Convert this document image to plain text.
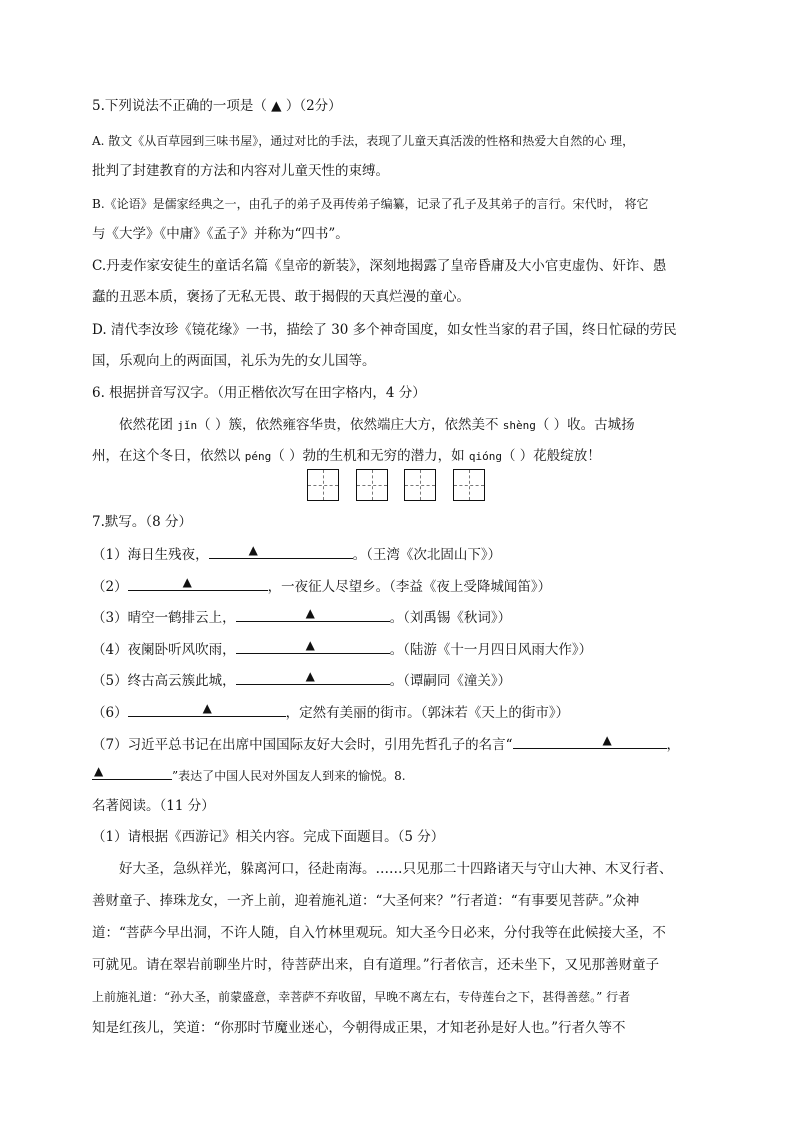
5.下列说法不正确的一项是（ ▲ ）（2分）
A. 散文《从百草园到三味书屋》，通过对比的手法，表现了儿童天真活泼的性格和热爱大自然的心 理，
批判了封建教育的方法和内容对儿童天性的束缚。
B.《论语》是儒家经典之一，由孔子的弟子及再传弟子编纂，记录了孔子及其弟子的言行。宋代时， 将它
与《大学》《中庸》《孟子》并称为“四书”。
C.丹麦作家安徒生的童话名篇《皇帝的新装》，深刻地揭露了皇帝昏庸及大小官吏虚伪、奸诈、愚
蠢的丑恶本质，褒扬了无私无畏、敢于揭假的天真烂漫的童心。
D. 清代李汝珍《镜花缘》一书，描绘了 30 多个神奇国度，如女性当家的君子国，终日忙碌的劳民
国，乐观向上的两面国，礼乐为先的女儿国等。
6. 根据拼音写汉字。（用正楷依次写在田字格内，4 分）
依然花团 jǐn（ ）簇，依然雍容华贵，依然端庄大方，依然美不 shèng（ ）收。古城扬
州，在这个冬日，依然以 péng（ ）勃的生机和无穷的潜力，如 qióng（ ）花般绽放！
7.默写。（8 分）
（1）海日生残夜，	▲	。（王湾《次北固山下》）
（2）	▲	，一夜征人尽望乡。（李益《夜上受降城闻笛》）
（3）晴空一鹤排云上，	▲	。（刘禹锡《秋词》）
（4）夜阑卧听风吹雨，	▲	。（陆游《十一月四日风雨大作》）
（5）终古高云簇此城，	▲	。（谭嗣同《潼关》）
（6）	▲	，定然有美丽的街市。（郭沫若《天上的街市》）
（7）习近平总书记在出席中国国际友好大会时，引用先哲孔子的名言“	▲	，
▲	”表达了中国人民对外国友人到来的愉悦。8.
名著阅读。（11 分）
（1）请根据《西游记》相关内容。完成下面题目。（5 分）
好大圣，急纵祥光，躲离河口，径赴南海。……只见那二十四路诸天与守山大神、木叉行者、
善财童子、捧珠龙女，一齐上前，迎着施礼道：“大圣何来？”行者道：“有事要见菩萨。”众神
道：“菩萨今早出洞，不许人随，自入竹林里观玩。知大圣今日必来，分付我等在此候接大圣，不
可就见。请在翠岩前聊坐片时，待菩萨出来，自有道理。”行者依言，还未坐下，又见那善财童子
上前施礼道：“孙大圣，前蒙盛意，幸菩萨不弃收留，早晚不离左右，专侍莲台之下，甚得善慈。” 行者
知是红孩儿，笑道：“你那时节魔业迷心，今朝得成正果，才知老孙是好人也。”行者久等不
